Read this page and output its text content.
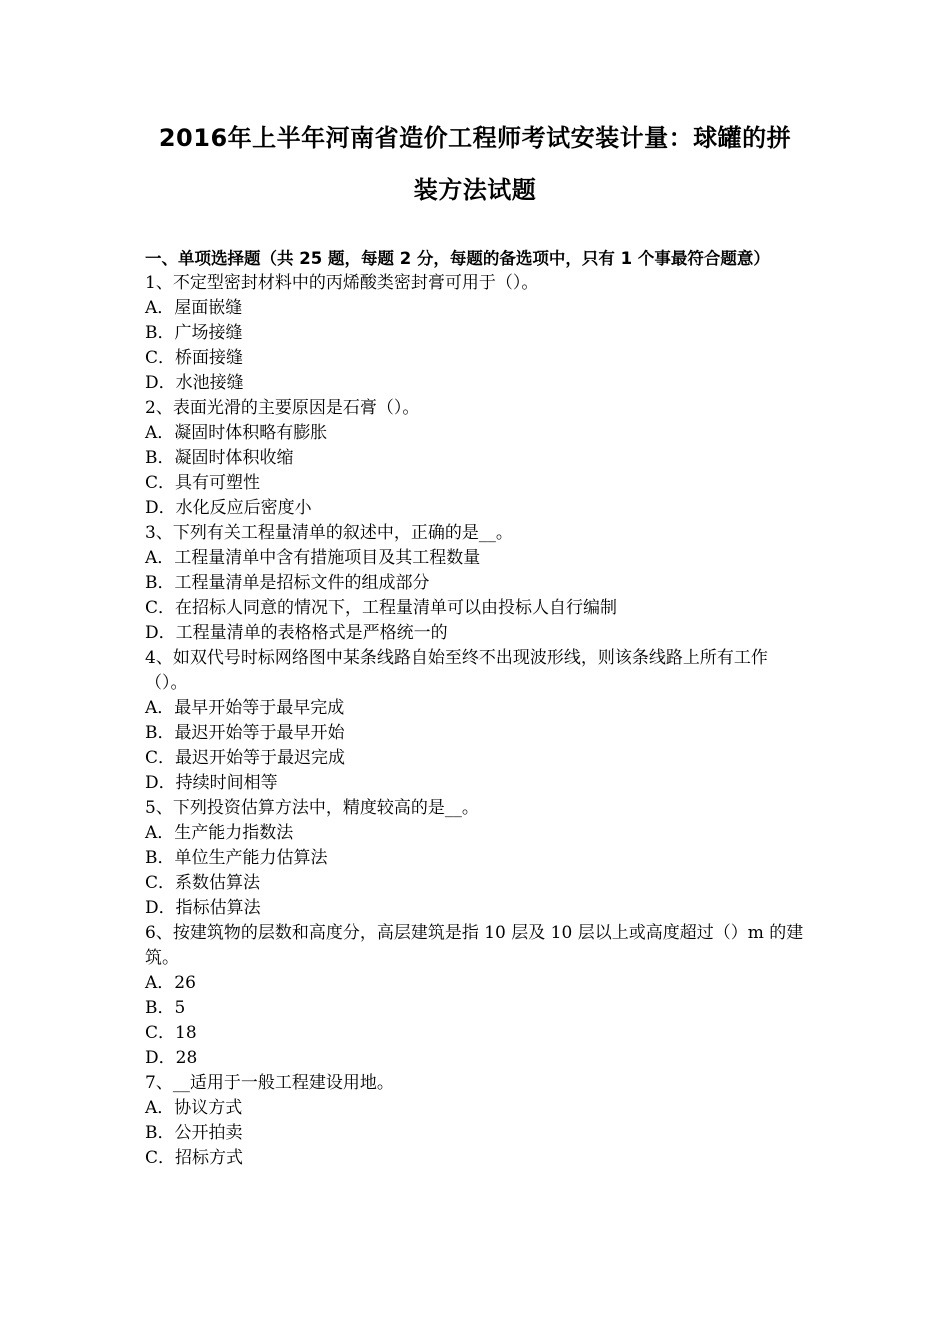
2016年上半年河南省造价工程师考试安装计量：球罐的拼
装方法试题
一、单项选择题（共 25 题，每题 2 分，每题的备选项中，只有 1 个事最符合题意）
1、不定型密封材料中的丙烯酸类密封膏可用于（）。
A．屋面嵌缝
B．广场接缝
C．桥面接缝
D．水池接缝
2、表面光滑的主要原因是石膏（）。
A．凝固时体积略有膨胀
B．凝固时体积收缩
C．具有可塑性
D．水化反应后密度小
3、下列有关工程量清单的叙述中，正确的是__。
A．工程量清单中含有措施项目及其工程数量
B．工程量清单是招标文件的组成部分
C．在招标人同意的情况下，工程量清单可以由投标人自行编制
D．工程量清单的表格格式是严格统一的
4、如双代号时标网络图中某条线路自始至终不出现波形线，则该条线路上所有工作（）。
A．最早开始等于最早完成
B．最迟开始等于最早开始
C．最迟开始等于最迟完成
D．持续时间相等
5、下列投资估算方法中，精度较高的是__。
A．生产能力指数法
B．单位生产能力估算法
C．系数估算法
D．指标估算法
6、按建筑物的层数和高度分，高层建筑是指 10 层及 10 层以上或高度超过（）m 的建筑。
A．26
B．5
C．18
D．28
7、__适用于一般工程建设用地。
A．协议方式
B．公开拍卖
C．招标方式
